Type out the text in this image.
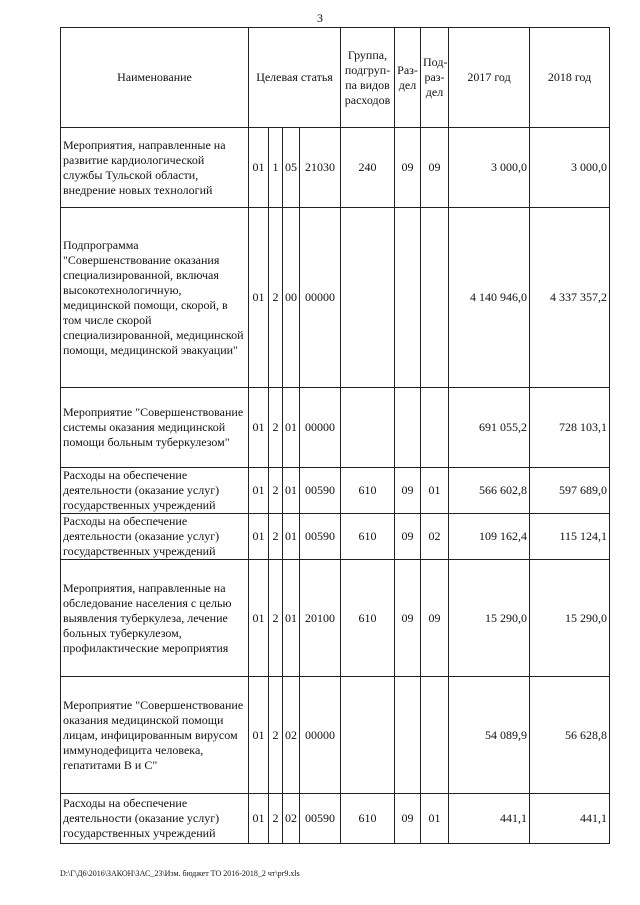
3
Наименование	Целевая статья				Группа, подгруп-па видов расходов	Раз-дел	Под-раз-дел	2017 год	2018 год
Мероприятия, направленные на развитие кардиологической службы Тульской области, внедрение новых технологий	01	1	05	21030	240	09	09	3 000,0	3 000,0
Подпрограмма "Совершенствование оказания специализированной, включая высокотехнологичную, медицинской помощи, скорой, в том числе скорой специализированной, медицинской помощи, медицинской эвакуации"	01	2	00	00000				4 140 946,0	4 337 357,2
Мероприятие "Совершенствование системы оказания медицинской помощи больным туберкулезом"	01	2	01	00000				691 055,2	728 103,1
Расходы на обеспечение деятельности (оказание услуг) государственных учреждений	01	2	01	00590	610	09	01	566 602,8	597 689,0
Расходы на обеспечение деятельности (оказание услуг) государственных учреждений	01	2	01	00590	610	09	02	109 162,4	115 124,1
Мероприятия, направленные на обследование населения с целью выявления туберкулеза, лечение больных туберкулезом, профилактические мероприятия	01	2	01	20100	610	09	09	15 290,0	15 290,0
Мероприятие "Совершенствование оказания медицинской помощи лицам, инфицированным вирусом иммунодефицита человека, гепатитами В и С"	01	2	02	00000				54 089,9	56 628,8
Расходы на обеспечение деятельности (оказание услуг) государственных учреждений	01	2	02	00590	610	09	01	441,1	441,1
D:\Г\Д6\2016\ЗАКОН\ЗАС_23\Изм. бюджет ТО 2016-2018_2 чт\pr9.xls
